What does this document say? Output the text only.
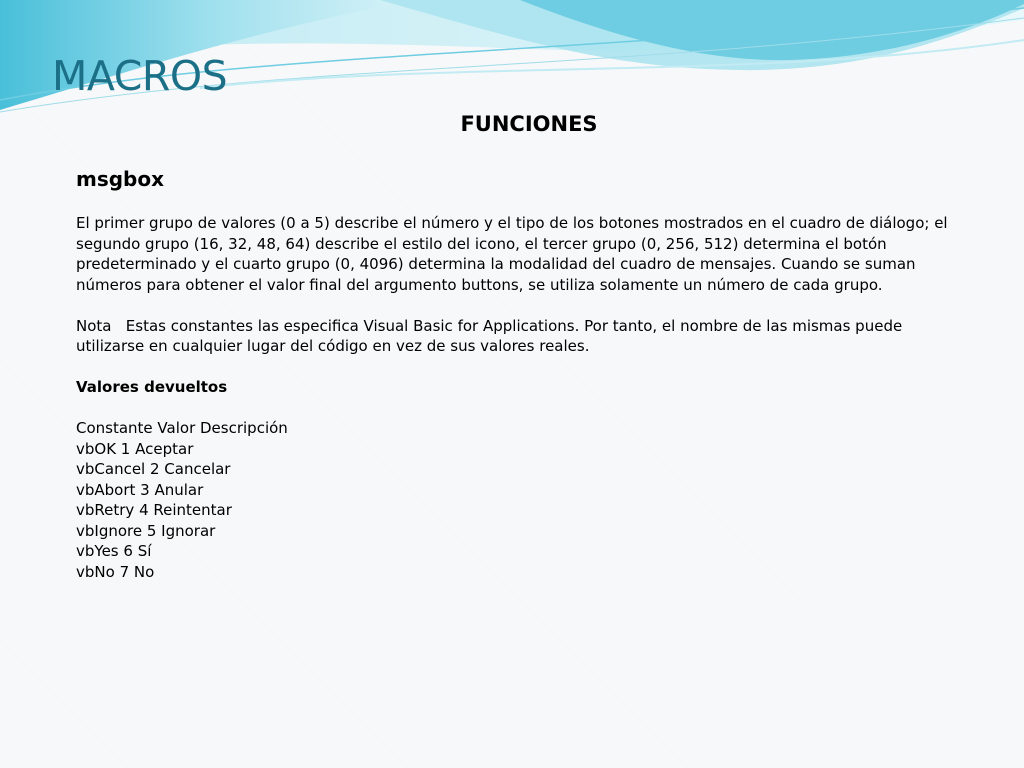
MACROS
FUNCIONES
msgbox

El primer grupo de valores (0 a 5) describe el número y el tipo de los botones mostrados en el cuadro de diálogo; el segundo grupo (16, 32, 48, 64) describe el estilo del icono, el tercer grupo (0, 256, 512) determina el botón predeterminado y el cuarto grupo (0, 4096) determina la modalidad del cuadro de mensajes. Cuando se suman números para obtener el valor final del argumento buttons, se utiliza solamente un número de cada grupo.

Nota   Estas constantes las especifica Visual Basic for Applications. Por tanto, el nombre de las mismas puede utilizarse en cualquier lugar del código en vez de sus valores reales.

Valores devueltos
Constante Valor Descripción
vbOK 1 Aceptar
vbCancel 2 Cancelar
vbAbort 3 Anular
vbRetry 4 Reintentar
vbIgnore 5 Ignorar
vbYes 6 Sí
vbNo 7 No
